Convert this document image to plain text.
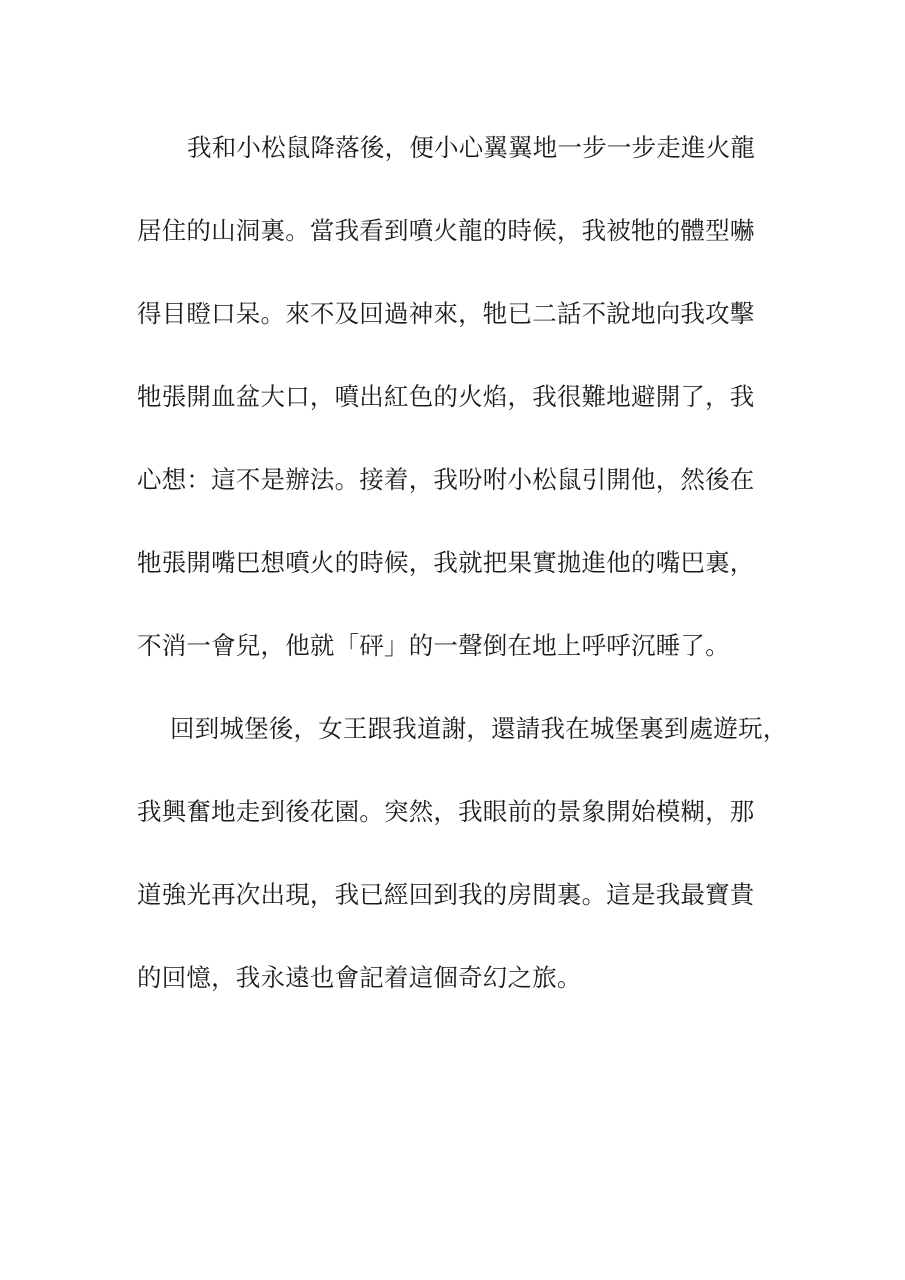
我和小松鼠降落後，便小心翼翼地一步一步走進火龍
居住的山洞裏。當我看到噴火龍的時候，我被牠的體型嚇
得目瞪口呆。來不及回過神來，牠已二話不說地向我攻擊
牠張開血盆大口，噴出紅色的火焰，我很難地避開了，我
心想：這不是辦法。接着，我吩咐小松鼠引開他，然後在
牠張開嘴巴想噴火的時候，我就把果實拋進他的嘴巴裏，
不消一會兒，他就「砰」的一聲倒在地上呼呼沉睡了。
回到城堡後，女王跟我道謝，還請我在城堡裏到處遊玩，
我興奮地走到後花園。突然，我眼前的景象開始模糊，那
道強光再次出現，我已經回到我的房間裏。這是我最寶貴
的回憶，我永遠也會記着這個奇幻之旅。
